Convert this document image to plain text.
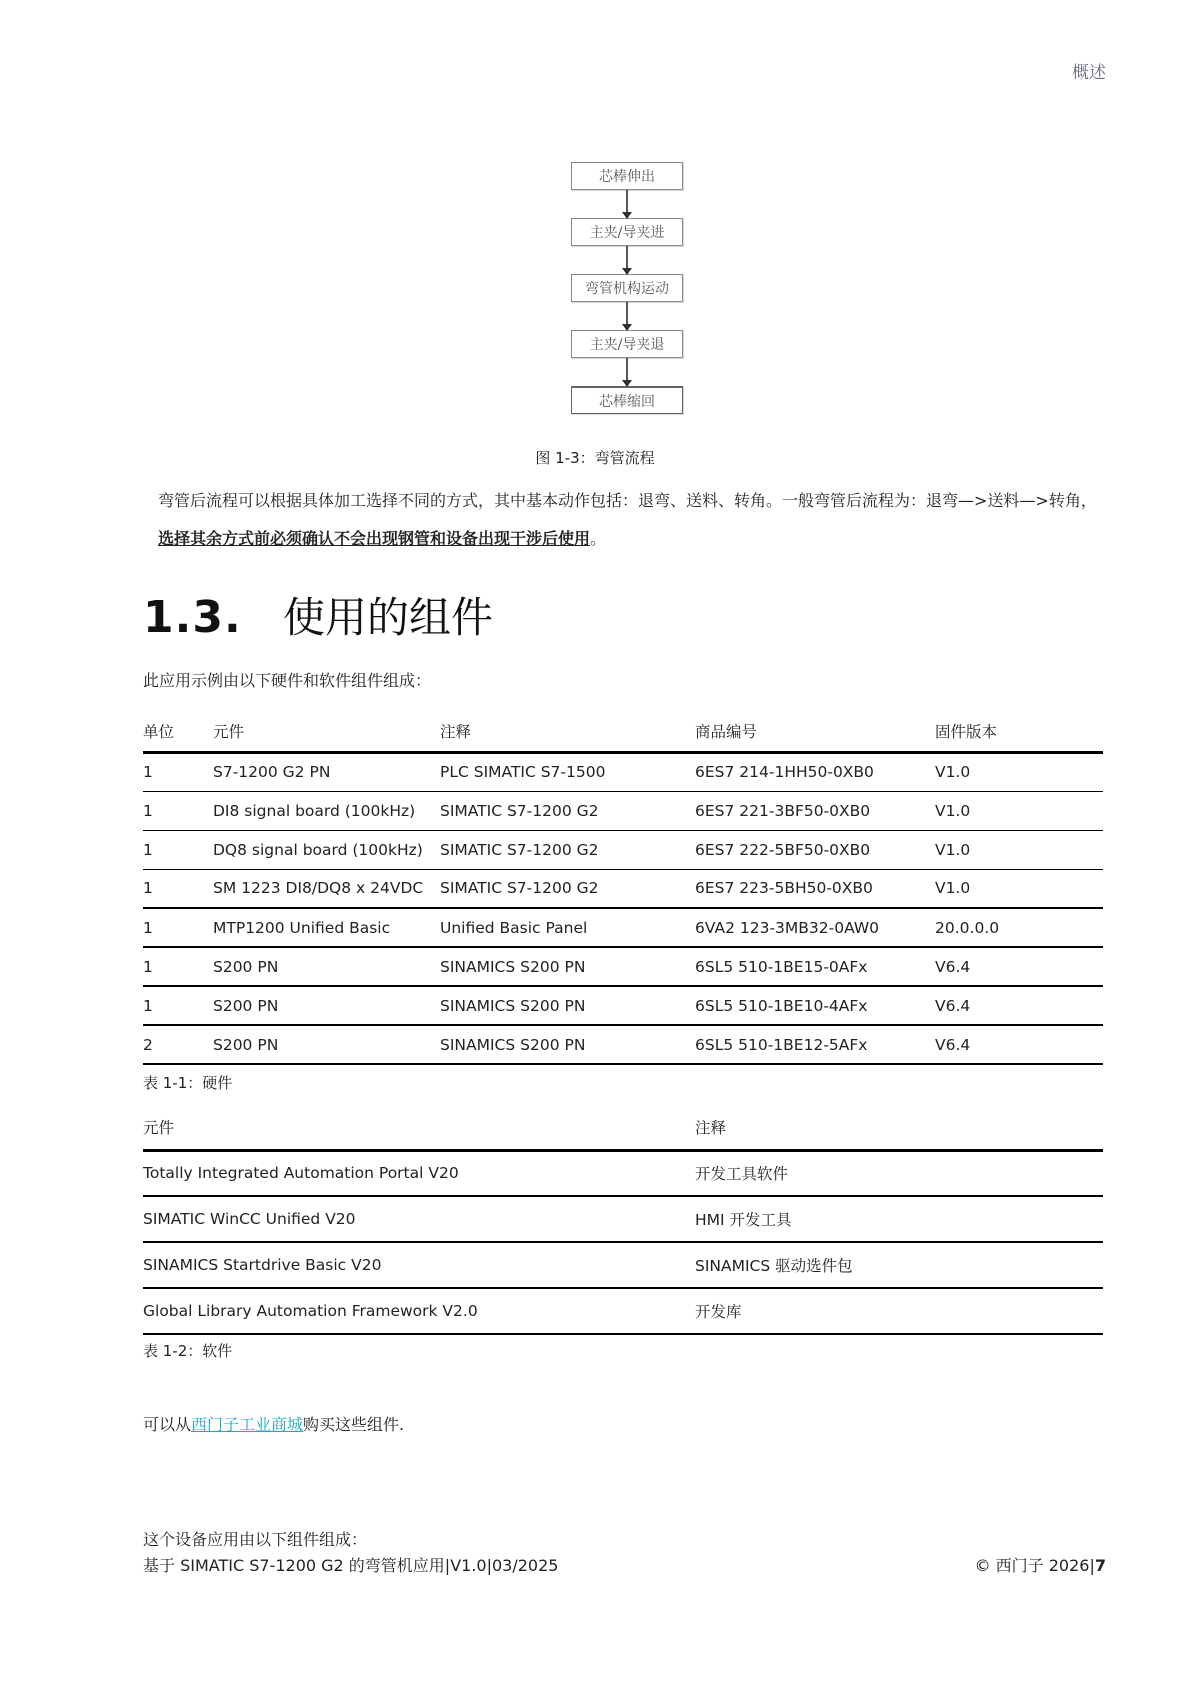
概述
芯棒伸出
主夹/导夹进
弯管机构运动
主夹/导夹退
芯棒缩回
图 1-3：弯管流程
弯管后流程可以根据具体加工选择不同的方式，其中基本动作包括：退弯、送料、转角。一般弯管后流程为：退弯—>送料—>转角，选择其余方式前必须确认不会出现钢管和设备出现干涉后使用。
1.3. 使用的组件
此应用示例由以下硬件和软件组件组成：
单位	元件	注释	商品编号	固件版本
1	S7-1200 G2 PN	PLC SIMATIC S7-1500	6ES7 214-1HH50-0XB0	V1.0
1	DI8 signal board (100kHz)	SIMATIC S7-1200 G2	6ES7 221-3BF50-0XB0	V1.0
1	DQ8 signal board (100kHz)	SIMATIC S7-1200 G2	6ES7 222-5BF50-0XB0	V1.0
1	SM 1223 DI8/DQ8 x 24VDC	SIMATIC S7-1200 G2	6ES7 223-5BH50-0XB0	V1.0
1	MTP1200 Unified Basic	Unified Basic Panel	6VA2 123-3MB32-0AW0	20.0.0.0
1	S200 PN	SINAMICS S200 PN	6SL5 510-1BE15-0AFx	V6.4
1	S200 PN	SINAMICS S200 PN	6SL5 510-1BE10-4AFx	V6.4
2	S200 PN	SINAMICS S200 PN	6SL5 510-1BE12-5AFx	V6.4
表 1-1：硬件
元件	注释
Totally Integrated Automation Portal V20	开发工具软件
SIMATIC WinCC Unified V20	HMI 开发工具
SINAMICS Startdrive Basic V20	SINAMICS 驱动选件包
Global Library Automation Framework V2.0	开发库
表 1-2：软件
可以从西门子工业商城购买这些组件.
这个设备应用由以下组件组成：
基于 SIMATIC S7-1200 G2 的弯管机应用|V1.0|03/2025	© 西门子 2026|7
